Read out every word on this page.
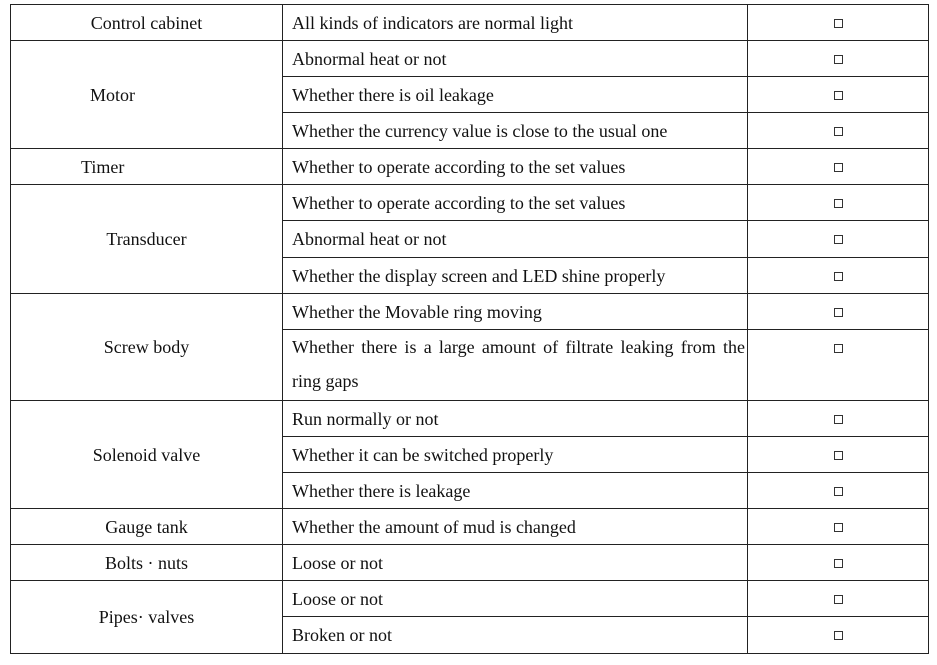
Control cabinet	All kinds of indicators are normal light	
Motor	Abnormal heat or not	
	Whether there is oil leakage	
	Whether the currency value is close to the usual one	
Timer	Whether to operate according to the set values	
Transducer	Whether to operate according to the set values	
	Abnormal heat or not	
	Whether the display screen and LED shine properly	
Screw body	Whether the Movable ring moving	

	Whether there is a large amount of filtrate leaking from the ring gaps	

Solenoid valve	Run normally or not	
	Whether it can be switched properly	
	Whether there is leakage	
Gauge tank	Whether the amount of mud is changed	
Bolts · nuts	Loose or not	
Pipes· valves	Loose or not	
	Broken or not	
